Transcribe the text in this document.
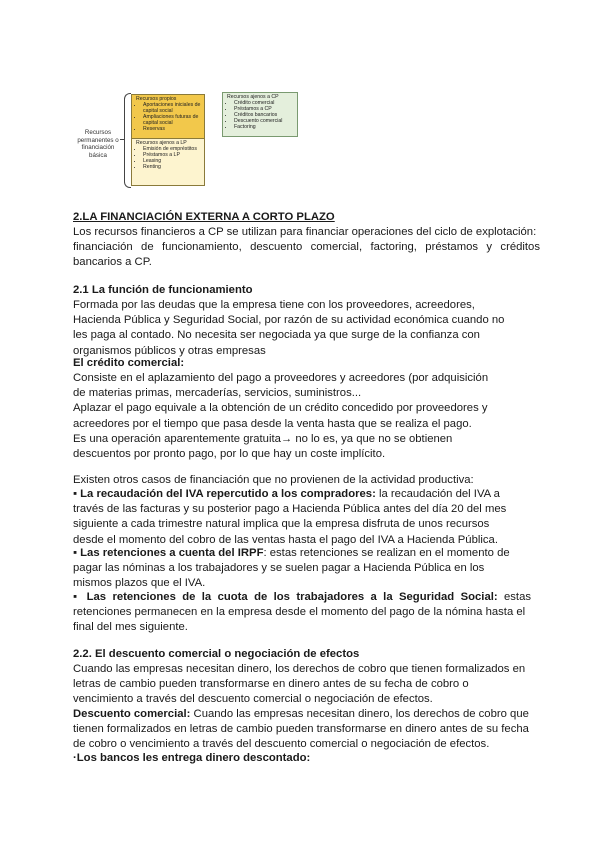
Recursos
permanentes o
financiación
básica
Recursos propios
• Aportaciones iniciales de capital social
• Ampliaciones futuras de capital social
• Reservas
Recursos ajenos a LP
• Emisión de empréstitos
• Préstamos a LP
• Leasing
• Renting
Recursos ajenos a CP
• Crédito comercial
• Préstamos a CP
• Créditos bancarios
• Descuento comercial
• Factoring
2.LA FINANCIACIÓN EXTERNA A CORTO PLAZO
Los recursos financieros a CP se utilizan para financiar operaciones del ciclo de explotación:
financiación de funcionamiento, descuento comercial, factoring, préstamos y créditos
bancarios a CP.
2.1 La función de funcionamiento
Formada por las deudas que la empresa tiene con los proveedores, acreedores,
Hacienda Pública y Seguridad Social, por razón de su actividad económica cuando no
les paga al contado. No necesita ser negociada ya que surge de la confianza con
organismos públicos y otras empresas
El crédito comercial:
Consiste en el aplazamiento del pago a proveedores y acreedores (por adquisición
de materias primas, mercaderías, servicios, suministros...
Aplazar el pago equivale a la obtención de un crédito concedido por proveedores y
acreedores por el tiempo que pasa desde la venta hasta que se realiza el pago.
Es una operación aparentemente gratuita→ no lo es, ya que no se obtienen
descuentos por pronto pago, por lo que hay un coste implícito.
Existen otros casos de financiación que no provienen de la actividad productiva:
▪ La recaudación del IVA repercutido a los compradores: la recaudación del IVA a
través de las facturas y su posterior pago a Hacienda Pública antes del día 20 del mes
siguiente a cada trimestre natural implica que la empresa disfruta de unos recursos
desde el momento del cobro de las ventas hasta el pago del IVA a Hacienda Pública.
▪ Las retenciones a cuenta del IRPF: estas retenciones se realizan en el momento de
pagar las nóminas a los trabajadores y se suelen pagar a Hacienda Pública en los
mismos plazos que el IVA.
▪ Las retenciones de la cuota de los trabajadores a la Seguridad Social: estas
retenciones permanecen en la empresa desde el momento del pago de la nómina hasta el
final del mes siguiente.
2.2. El descuento comercial o negociación de efectos
Cuando las empresas necesitan dinero, los derechos de cobro que tienen formalizados en
letras de cambio pueden transformarse en dinero antes de su fecha de cobro o
vencimiento a través del descuento comercial o negociación de efectos.
Descuento comercial: Cuando las empresas necesitan dinero, los derechos de cobro que
tienen formalizados en letras de cambio pueden transformarse en dinero antes de su fecha
de cobro o vencimiento a través del descuento comercial o negociación de efectos.
·Los bancos les entrega dinero descontado:
